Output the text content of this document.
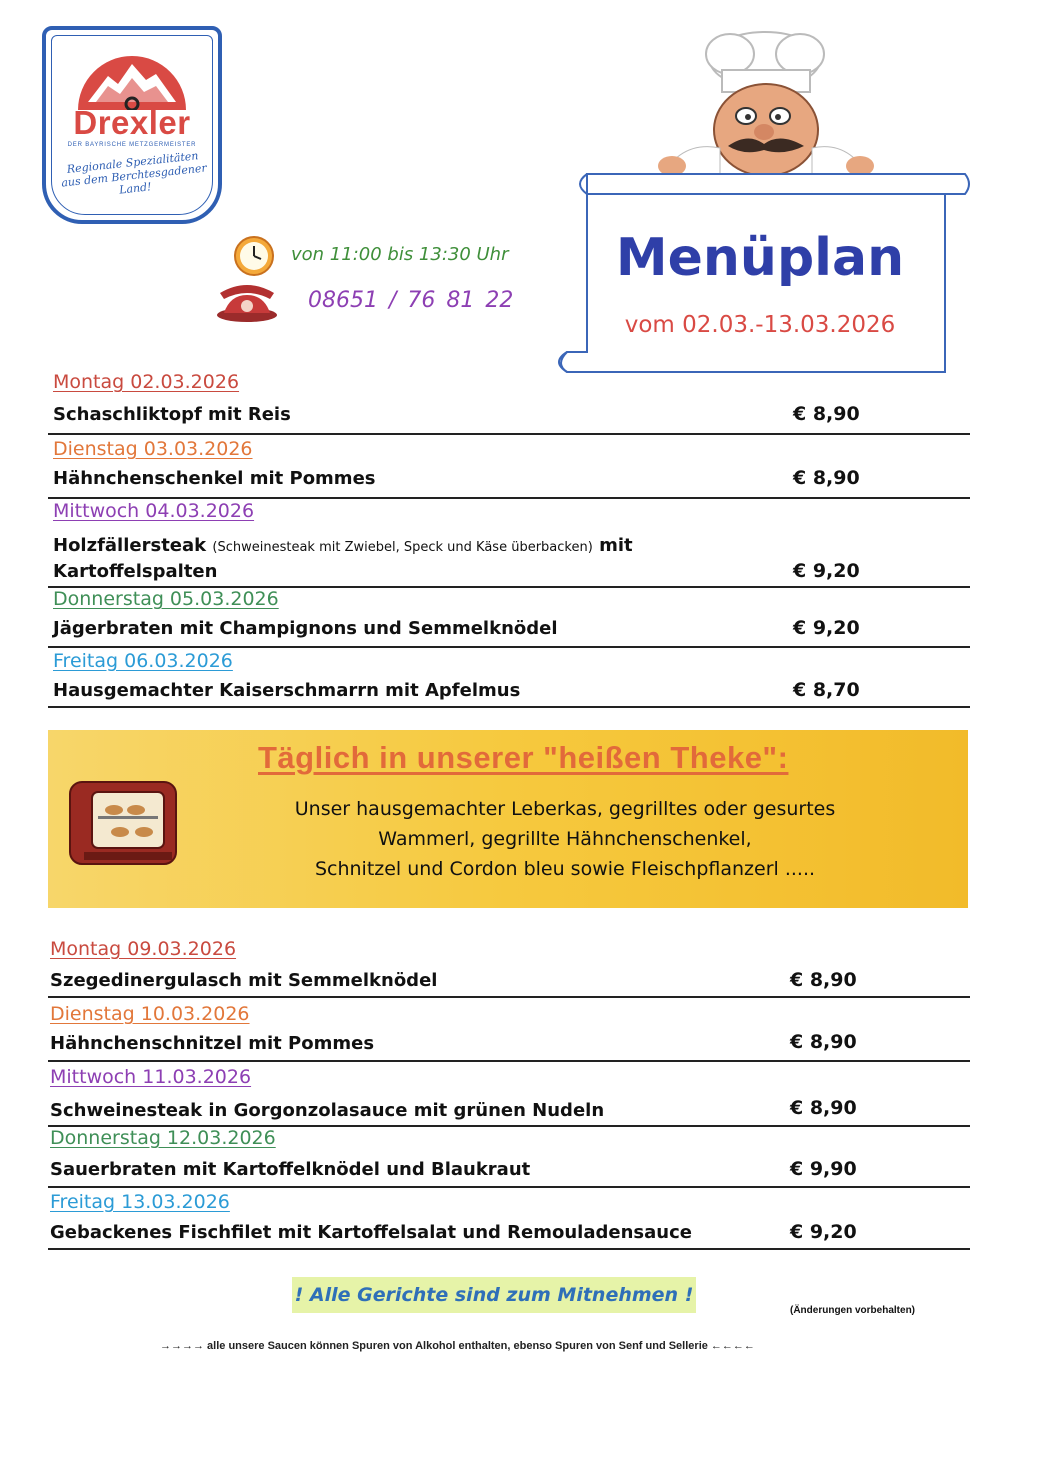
Drexler
DER BAYRISCHE METZGERMEISTER
Regionale Spezialitäten aus dem Berchtesgadener Land!
von 11:00 bis 13:30 Uhr
08651 / 76 81 22
Menüplan
vom 02.03.-13.03.2026
Montag 02.03.2026
Schaschliktopf mit Reis	€ 8,90
Dienstag 03.03.2026
Hähnchenschenkel mit Pommes	€ 8,90
Mittwoch 04.03.2026
Holzfällersteak (Schweinesteak mit Zwiebel, Speck und Käse überbacken) mit
Kartoffelspalten	€ 9,20
Donnerstag 05.03.2026
Jägerbraten mit Champignons und Semmelknödel	€ 9,20
Freitag 06.03.2026
Hausgemachter Kaiserschmarrn mit Apfelmus	€ 8,70
Täglich in unserer "heißen Theke":
Unser hausgemachter Leberkas, gegrilltes oder gesurtes
Wammerl, gegrillte Hähnchenschenkel,
Schnitzel und Cordon bleu sowie Fleischpflanzerl .....
Montag 09.03.2026
Szegedinergulasch mit Semmelknödel	€ 8,90
Dienstag 10.03.2026
Hähnchenschnitzel mit Pommes	€ 8,90
Mittwoch 11.03.2026
Schweinesteak in Gorgonzolasauce mit grünen Nudeln	€ 8,90
Donnerstag 12.03.2026
Sauerbraten mit Kartoffelknödel und Blaukraut	€ 9,90
Freitag 13.03.2026
Gebackenes Fischfilet mit Kartoffelsalat und Remouladensauce	€ 9,20
! Alle Gerichte sind zum Mitnehmen !
(Änderungen vorbehalten)
→→→→ alle unsere Saucen können Spuren von Alkohol enthalten, ebenso Spuren von Senf und Sellerie ←←←←
